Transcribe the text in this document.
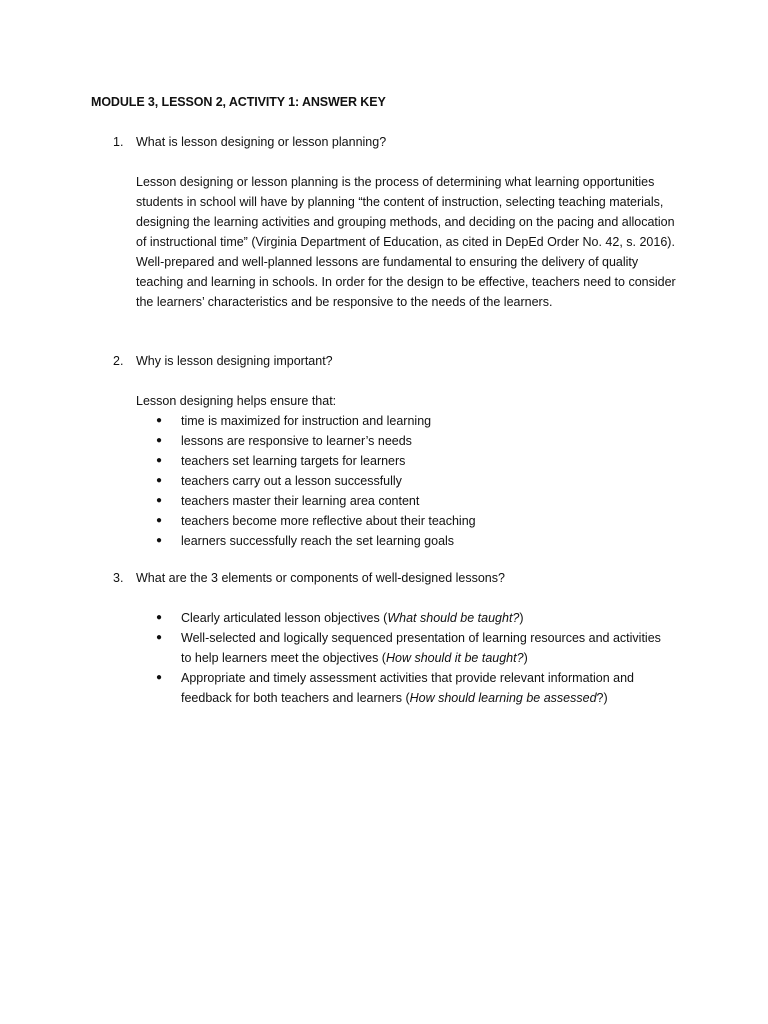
MODULE 3, LESSON 2, ACTIVITY 1: ANSWER KEY
1. What is lesson designing or lesson planning?

Lesson designing or lesson planning is the process of determining what learning opportunities students in school will have by planning “the content of instruction, selecting teaching materials, designing the learning activities and grouping methods, and deciding on the pacing and allocation of instructional time” (Virginia Department of Education, as cited in DepEd Order No. 42, s. 2016). Well-prepared and well-planned lessons are fundamental to ensuring the delivery of quality teaching and learning in schools. In order for the design to be effective, teachers need to consider the learners’ characteristics and be responsive to the needs of the learners.

2. Why is lesson designing important?

Lesson designing helps ensure that:

● time is maximized for instruction and learning
● lessons are responsive to learner’s needs
● teachers set learning targets for learners
● teachers carry out a lesson successfully
● teachers master their learning area content
● teachers become more reflective about their teaching
● learners successfully reach the set learning goals
3. What are the 3 elements or components of well-designed lessons?
● Clearly articulated lesson objectives (What should be taught?)
● Well-selected and logically sequenced presentation of learning resources and activities to help learners meet the objectives (How should it be taught?)
● Appropriate and timely assessment activities that provide relevant information and feedback for both teachers and learners (How should learning be assessed?)
